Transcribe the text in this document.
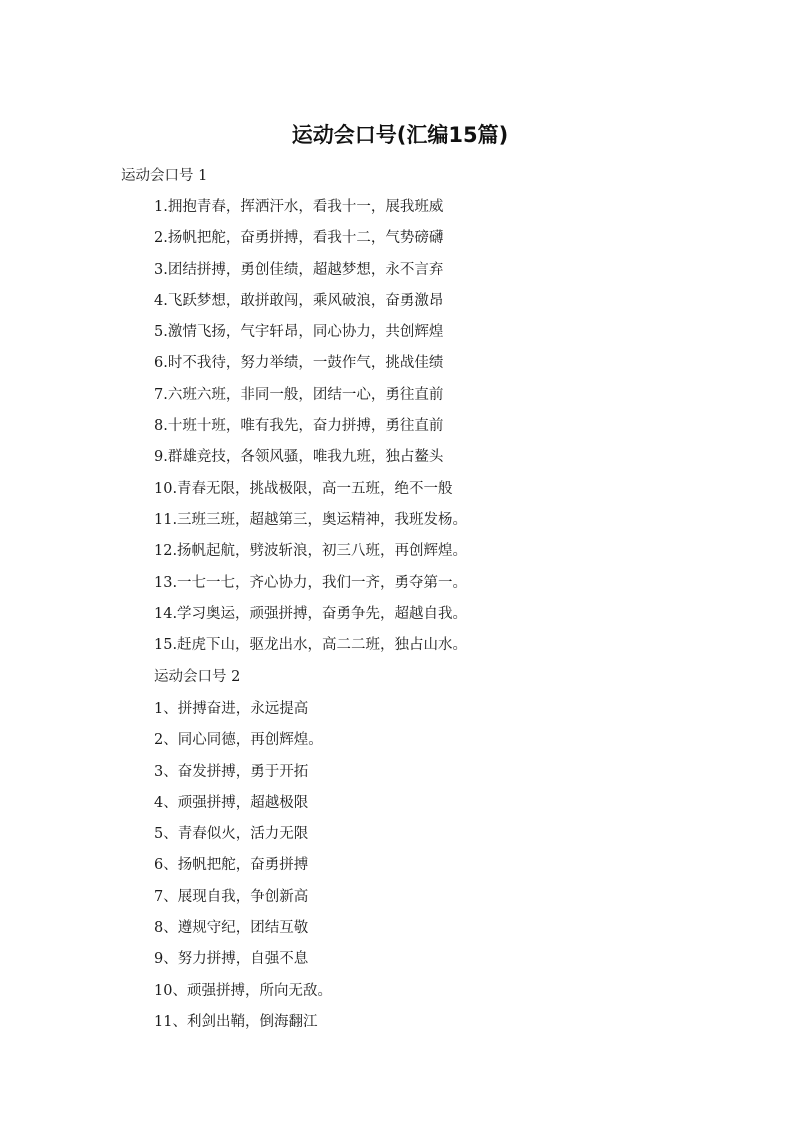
运动会口号(汇编15篇)
运动会口号 1
1.拥抱青春，挥洒汗水，看我十一，展我班威
2.扬帆把舵，奋勇拼搏，看我十二，气势磅礴
3.团结拼搏，勇创佳绩，超越梦想，永不言弃
4.飞跃梦想，敢拼敢闯，乘风破浪，奋勇激昂
5.激情飞扬，气宇轩昂，同心协力，共创辉煌
6.时不我待，努力举绩，一鼓作气，挑战佳绩
7.六班六班，非同一般，团结一心，勇往直前
8.十班十班，唯有我先，奋力拼搏，勇往直前
9.群雄竞技，各领风骚，唯我九班，独占鳌头
10.青春无限，挑战极限，高一五班，绝不一般
11.三班三班，超越第三，奥运精神，我班发杨。
12.扬帆起航，劈波斩浪，初三八班，再创辉煌。
13.一七一七，齐心协力，我们一齐，勇夺第一。
14.学习奥运，顽强拼搏，奋勇争先，超越自我。
15.赶虎下山，驱龙出水，高二二班，独占山水。
运动会口号 2
1、拼搏奋进，永远提高
2、同心同德，再创辉煌。
3、奋发拼搏，勇于开拓
4、顽强拼搏，超越极限
5、青春似火，活力无限
6、扬帆把舵，奋勇拼搏
7、展现自我，争创新高
8、遵规守纪，团结互敬
9、努力拼搏，自强不息
10、顽强拼搏，所向无敌。
11、利剑出鞘，倒海翻江
